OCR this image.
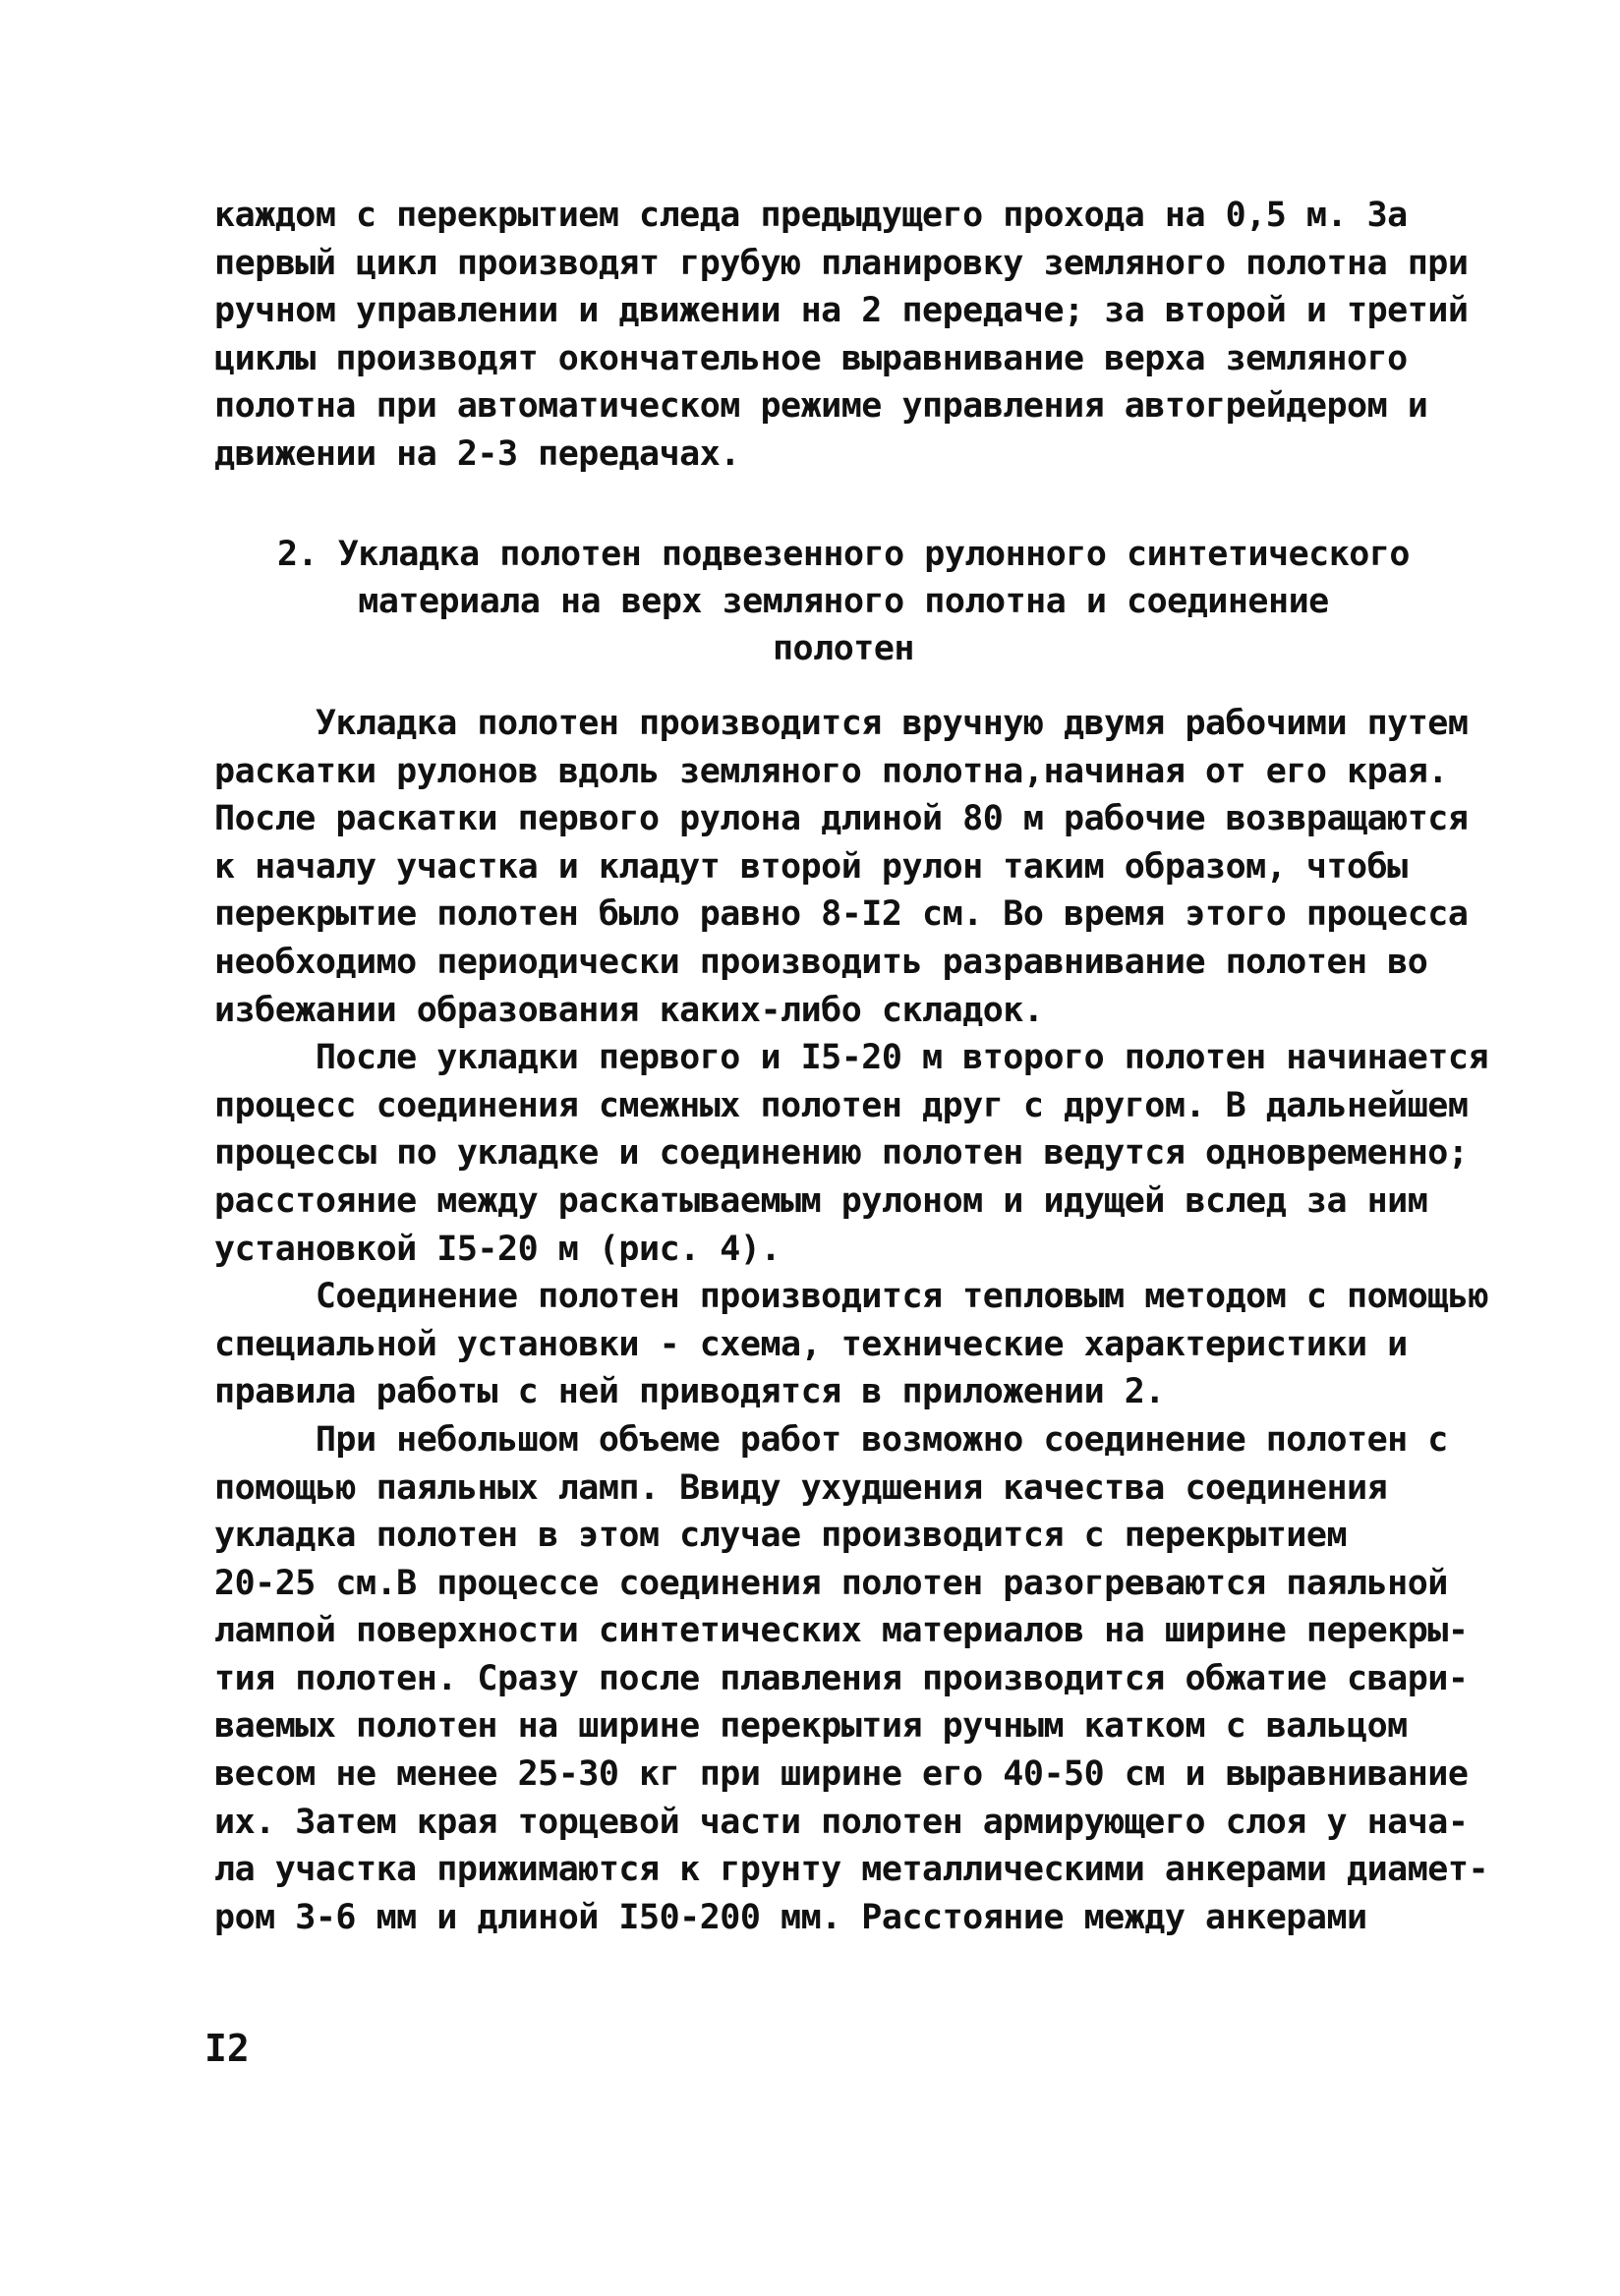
каждом с перекрытием следа предыдущего прохода на 0,5 м. За
первый цикл производят грубую планировку земляного полотна при
ручном управлении и движении на 2 передаче; за второй и третий
циклы производят окончательное выравнивание верха земляного
полотна при автоматическом режиме управления автогрейдером и
движении на 2-3 передачах.
2. Укладка полотен подвезенного рулонного синтетического
материала на верх земляного полотна и соединение
полотен
Укладка полотен производится вручную двумя рабочими путем
раскатки рулонов вдоль земляного полотна,начиная от его края.
После раскатки первого рулона длиной 80 м рабочие возвращаются
к началу участка и кладут второй рулон таким образом, чтобы
перекрытие полотен было равно 8-I2 см. Во время этого процесса
необходимо периодически производить разравнивание полотен во
избежании образования каких-либо складок.
После укладки первого и I5-20 м второго полотен начинается
процесс соединения смежных полотен друг с другом. В дальнейшем
процессы по укладке и соединению полотен ведутся одновременно;
расстояние между раскатываемым рулоном и идущей вслед за ним
установкой I5-20 м (рис. 4).
Соединение полотен производится тепловым методом с помощью
специальной установки - схема, технические характеристики и
правила работы с ней приводятся в приложении 2.
При небольшом объеме работ возможно соединение полотен с
помощью паяльных ламп. Ввиду ухудшения качества соединения
укладка полотен в этом случае производится с перекрытием
20-25 см.В процессе соединения полотен разогреваются паяльной
лампой поверхности синтетических материалов на ширине перекры-
тия полотен. Сразу после плавления производится обжатие свари-
ваемых полотен на ширине перекрытия ручным катком с вальцом
весом не менее 25-30 кг при ширине его 40-50 см и выравнивание
их. Затем края торцевой части полотен армирующего слоя у нача-
ла участка прижимаются к грунту металлическими анкерами диамет-
ром 3-6 мм и длиной I50-200 мм. Расстояние между анкерами
I2
